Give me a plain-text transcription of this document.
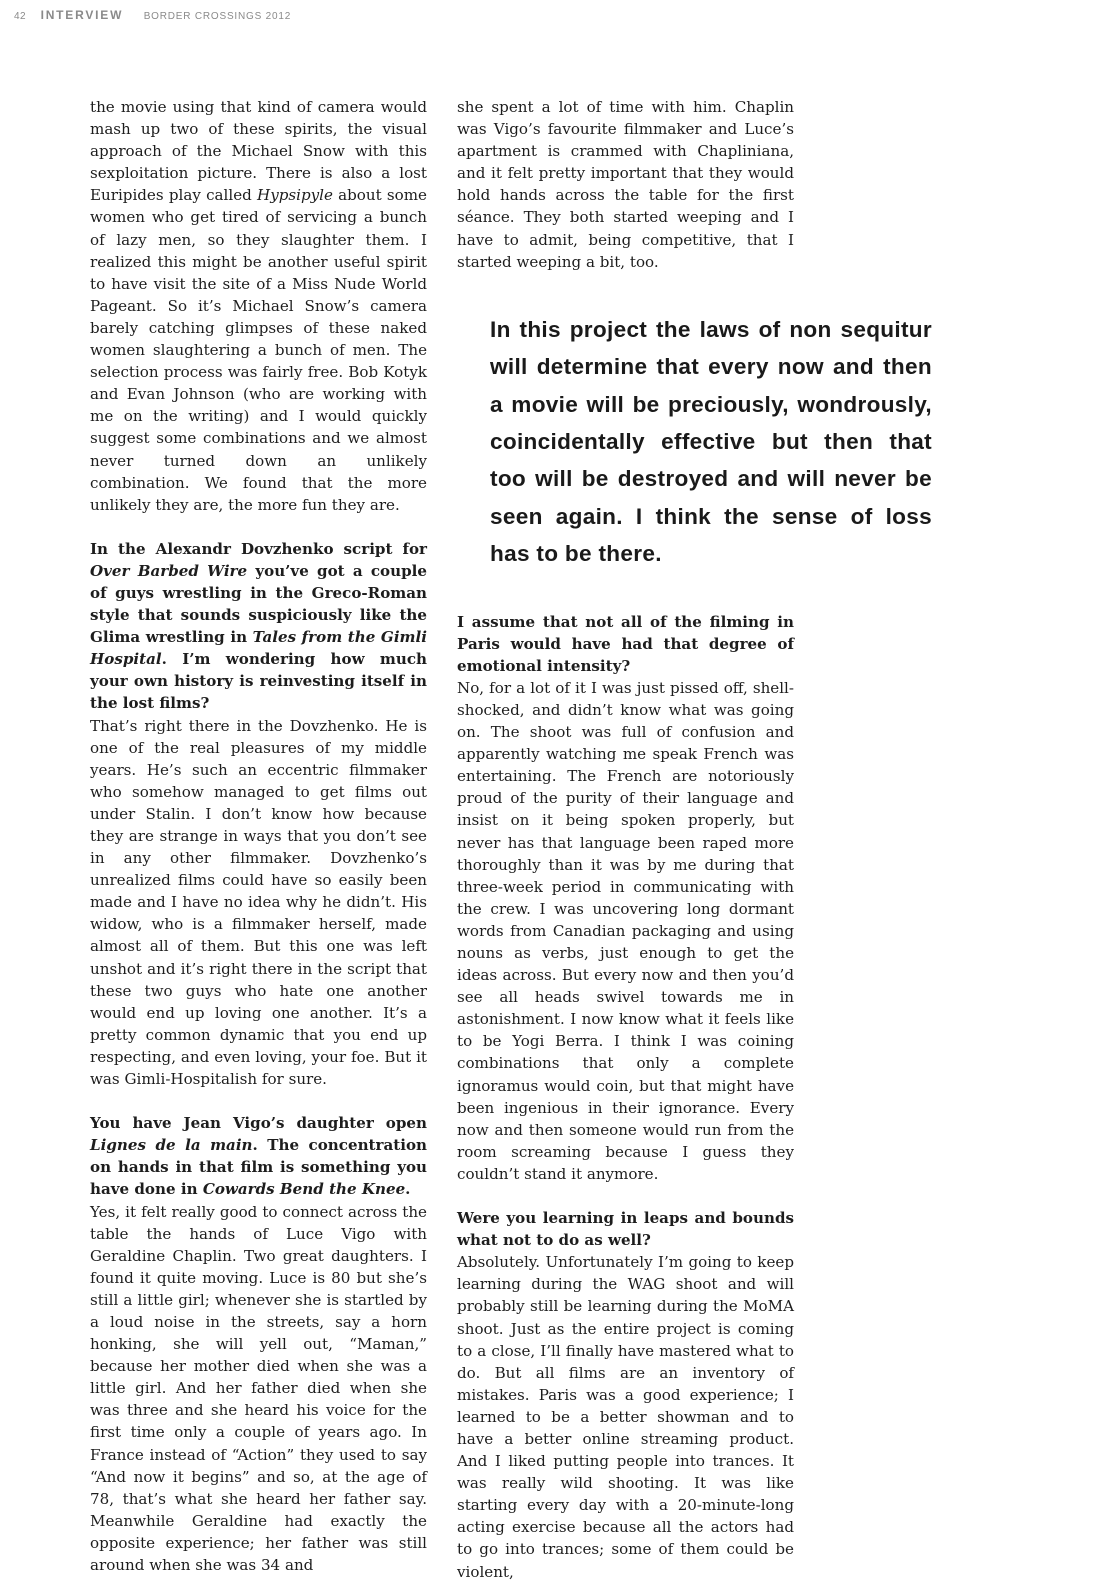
42 INTERVIEW BORDER CROSSINGS 2012

the movie using that kind of camera would mash up two of these spirits, the visual approach of the Michael Snow with this sexploitation picture. There is also a lost Euripides play called Hypsipyle about some women who get tired of servicing a bunch of lazy men, so they slaughter them. I realized this might be another useful spirit to have visit the site of a Miss Nude World Pageant. So it’s Michael Snow’s camera barely catching glimpses of these naked women slaughtering a bunch of men. The selection process was fairly free. Bob Kotyk and Evan Johnson (who are working with me on the writing) and I would quickly suggest some combinations and we almost never turned down an unlikely combination. We found that the more unlikely they are, the more fun they are.

In the Alexandr Dovzhenko script for Over Barbed Wire you’ve got a couple of guys wrestling in the Greco-Roman style that sounds suspiciously like the Glima wrestling in Tales from the Gimli Hospital. I’m wondering how much your own history is reinvesting itself in the lost films?

That’s right there in the Dovzhenko. He is one of the real pleasures of my middle years. He’s such an eccentric filmmaker who somehow managed to get films out under Stalin. I don’t know how because they are strange in ways that you don’t see in any other filmmaker. Dovzhenko’s unrealized films could have so easily been made and I have no idea why he didn’t. His widow, who is a filmmaker herself, made almost all of them. But this one was left unshot and it’s right there in the script that these two guys who hate one another would end up loving one another. It’s a pretty common dynamic that you end up respecting, and even loving, your foe. But it was Gimli-Hospitalish for sure.

You have Jean Vigo’s daughter open Lignes de la main. The concentration on hands in that film is something you have done in Cowards Bend the Knee.

Yes, it felt really good to connect across the table the hands of Luce Vigo with Geraldine Chaplin. Two great daughters. I found it quite moving. Luce is 80 but she’s still a little girl; whenever she is startled by a loud noise in the streets, say a horn honking, she will yell out, “Maman,” because her mother died when she was a little girl. And her father died when she was three and she heard his voice for the first time only a couple of years ago. In France instead of “Action” they used to say “And now it begins” and so, at the age of 78, that’s what she heard her father say. Meanwhile Geraldine had exactly the opposite experience; her father was still around when she was 34 and

she spent a lot of time with him. Chaplin was Vigo’s favourite filmmaker and Luce’s apartment is crammed with Chapliniana, and it felt pretty important that they would hold hands across the table for the first séance. They both started weeping and I have to admit, being competitive, that I started weeping a bit, too.

In this project the laws of non sequitur will determine that every now and then a movie will be preciously, wondrously, coincidentally effective but then that too will be destroyed and will never be seen again. I think the sense of loss has to be there.

I assume that not all of the filming in Paris would have had that degree of emotional intensity?

No, for a lot of it I was just pissed off, shell-shocked, and didn’t know what was going on. The shoot was full of confusion and apparently watching me speak French was entertaining. The French are notoriously proud of the purity of their language and insist on it being spoken properly, but never has that language been raped more thoroughly than it was by me during that three-week period in communicating with the crew. I was uncovering long dormant words from Canadian packaging and using nouns as verbs, just enough to get the ideas across. But every now and then you’d see all heads swivel towards me in astonishment. I now know what it feels like to be Yogi Berra. I think I was coining combinations that only a complete ignoramus would coin, but that might have been ingenious in their ignorance. Every now and then someone would run from the room screaming because I guess they couldn’t stand it anymore.

Were you learning in leaps and bounds what not to do as well?

Absolutely. Unfortunately I’m going to keep learning during the WAG shoot and will probably still be learning during the MoMA shoot. Just as the entire project is coming to a close, I’ll finally have mastered what to do. But all films are an inventory of mistakes. Paris was a good experience; I learned to be a better showman and to have a better online streaming product. And I liked putting people into trances. It was really wild shooting. It was like starting every day with a 20-minute-long acting exercise because all the actors had to go into trances; some of them could be violent,
